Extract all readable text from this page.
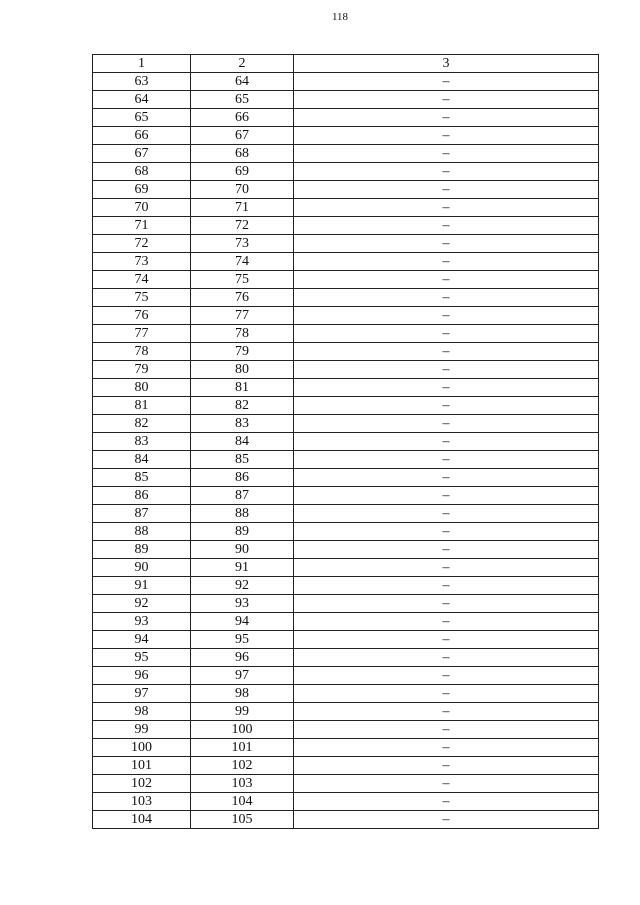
118
1	2	3
63	64	–
64	65	–
65	66	–
66	67	–
67	68	–
68	69	–
69	70	–
70	71	–
71	72	–
72	73	–
73	74	–
74	75	–
75	76	–
76	77	–
77	78	–
78	79	–
79	80	–
80	81	–
81	82	–
82	83	–
83	84	–
84	85	–
85	86	–
86	87	–
87	88	–
88	89	–
89	90	–
90	91	–
91	92	–
92	93	–
93	94	–
94	95	–
95	96	–
96	97	–
97	98	–
98	99	–
99	100	–
100	101	–
101	102	–
102	103	–
103	104	–
104	105	–
